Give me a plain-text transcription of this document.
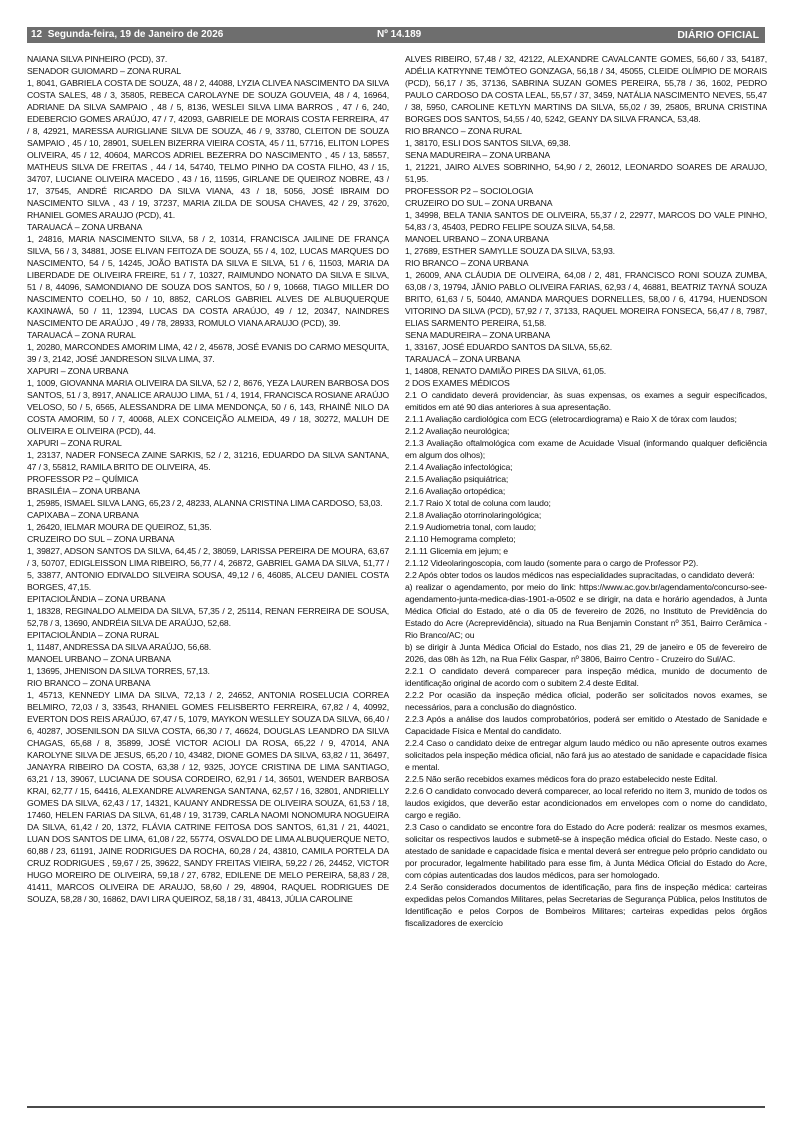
12 Segunda-feira, 19 de Janeiro de 2026	Nº 14.189	DIÁRIO OFICIAL

NAIANA SILVA PINHEIRO (PCD), 37.

SENADOR GUIOMARD – ZONA RURAL

1, 8041, GABRIELA COSTA DE SOUZA, 48 / 2, 44088, LYZIA CLIVEA NASCIMENTO DA SILVA COSTA SALES, 48 / 3, 35805, REBECA CAROLAYNE DE SOUZA GOUVEIA, 48 / 4, 16964, ADRIANE DA SILVA SAMPAIO , 48 / 5, 8136, WESLEI SILVA LIMA BARROS , 47 / 6, 240, EDEBERCIO GOMES ARAÚJO, 47 / 7, 42093, GABRIELE DE MORAIS COSTA FERREIRA, 47 / 8, 42921, MARESSA AURIGLIANE SILVA DE SOUZA, 46 / 9, 33780, CLEITON DE SOUZA SAMPAIO , 45 / 10, 28901, SUELEN BIZERRA VIEIRA COSTA, 45 / 11, 57716, ELITON LOPES OLIVEIRA, 45 / 12, 40604, MARCOS ADRIEL BEZERRA DO NASCIMENTO , 45 / 13, 58557, MATHEUS SILVA DE FREITAS , 44 / 14, 54740, TELMO PINHO DA COSTA FILHO, 43 / 15, 34707, LUCIANE OLIVEIRA MACEDO , 43 / 16, 11595, GIRLANE DE QUEIROZ NOBRE, 43 / 17, 37545, ANDRÉ RICARDO DA SILVA VIANA, 43 / 18, 5056, JOSÉ IBRAIM DO NASCIMENTO SILVA , 43 / 19, 37237, MARIA ZILDA DE SOUSA CHAVES, 42 / 29, 37620, RHANIEL GOMES ARAUJO (PCD), 41.

TARAUACÁ – ZONA URBANA

1, 24816, MARIA NASCIMENTO SILVA, 58 / 2, 10314, FRANCISCA JAILINE DE FRANÇA SILVA, 56 / 3, 34881, JOSE ELIVAN FEITOZA DE SOUZA, 55 / 4, 102, LUCAS MARQUES DO NASCIMENTO, 54 / 5, 14245, JOÃO BATISTA DA SILVA E SILVA, 51 / 6, 11503, MARIA DA LIBERDADE DE OLIVEIRA FREIRE, 51 / 7, 10327, RAIMUNDO NONATO DA SILVA E SILVA, 51 / 8, 44096, SAMONDIANO DE SOUZA DOS SANTOS, 50 / 9, 10668, TIAGO MILLER DO NASCIMENTO COELHO, 50 / 10, 8852, CARLOS GABRIEL ALVES DE ALBUQUERQUE KAXINAWÁ, 50 / 11, 12394, LUCAS DA COSTA ARAÚJO, 49 / 12, 20347, NAINDRES NASCIMENTO DE ARAÚJO , 49 / 78, 28933, ROMULO VIANA ARAUJO (PCD), 39.

TARAUACÁ – ZONA RURAL

1, 20280, MARCONDES AMORIM LIMA, 42 / 2, 45678, JOSÉ EVANIS DO CARMO MESQUITA, 39 / 3, 2142, JOSÉ JANDRESON SILVA LIMA, 37.

XAPURI – ZONA URBANA

1, 1009, GIOVANNA MARIA OLIVEIRA DA SILVA, 52 / 2, 8676, YEZA LAUREN BARBOSA DOS SANTOS, 51 / 3, 8917, ANALICE ARAUJO LIMA, 51 / 4, 1914, FRANCISCA ROSIANE ARAÚJO VELOSO, 50 / 5, 6565, ALESSANDRA DE LIMA MENDONÇA, 50 / 6, 143, RHAINÊ NILO DA COSTA AMORIM, 50 / 7, 40068, ALEX CONCEIÇÃO ALMEIDA, 49 / 18, 30272, MALUH DE OLIVEIRA E OLIVEIRA (PCD), 44.

XAPURI – ZONA RURAL

1, 23137, NADER FONSECA ZAINE SARKIS, 52 / 2, 31216, EDUARDO DA SILVA SANTANA, 47 / 3, 55812, RAMILA BRITO DE OLIVEIRA, 45.

PROFESSOR P2 – QUÍMICA

BRASILÉIA – ZONA URBANA

1, 25985, ISMAEL SILVA LANG, 65,23 / 2, 48233, ALANNA CRISTINA LIMA CARDOSO, 53,03.

CAPIXABA – ZONA URBANA

1, 26420, IELMAR MOURA DE QUEIROZ, 51,35.

CRUZEIRO DO SUL – ZONA URBANA

1, 39827, ADSON SANTOS DA SILVA, 64,45 / 2, 38059, LARISSA PEREIRA DE MOURA, 63,67 / 3, 50707, EDIGLEISSON LIMA RIBEIRO, 56,77 / 4, 26872, GABRIEL GAMA DA SILVA, 51,77 / 5, 33877, ANTONIO EDIVALDO SILVEIRA SOUSA, 49,12 / 6, 46085, ALCEU DANIEL COSTA BORGES, 47,15.

EPITACIOLÂNDIA – ZONA URBANA

1, 18328, REGINALDO ALMEIDA DA SILVA, 57,35 / 2, 25114, RENAN FERREIRA DE SOUSA, 52,78 / 3, 13690, ANDRÉIA SILVA DE ARAÚJO, 52,68.

EPITACIOLÂNDIA – ZONA RURAL

1, 11487, ANDRESSA DA SILVA ARAÚJO, 56,68.

MANOEL URBANO – ZONA URBANA

1, 13695, JHENISON DA SILVA TORRES, 57,13.

RIO BRANCO – ZONA URBANA

1, 45713, KENNEDY LIMA DA SILVA, 72,13 / 2, 24652, ANTONIA ROSELUCIA CORREA BELMIRO, 72,03 / 3, 33543, RHANIEL GOMES FELISBERTO FERREIRA, 67,82 / 4, 40992, EVERTON DOS REIS ARAÚJO, 67,47 / 5, 1079, MAYKON WESLLEY SOUZA DA SILVA, 66,40 / 6, 40287, JOSENILSON DA SILVA COSTA, 66,30 / 7, 46624, DOUGLAS LEANDRO DA SILVA CHAGAS, 65,68 / 8, 35899, JOSÉ VICTOR ACIOLI DA ROSA, 65,22 / 9, 47014, ANA KAROLYNE SILVA DE JESUS, 65,20 / 10, 43482, DIONE GOMES DA SILVA, 63,82 / 11, 36497, JANAYRA RIBEIRO DA COSTA, 63,38 / 12, 9325, JOYCE CRISTINA DE LIMA SANTIAGO, 63,21 / 13, 39067, LUCIANA DE SOUSA CORDEIRO, 62,91 / 14, 36501, WENDER BARBOSA KRAI, 62,77 / 15, 64416, ALEXANDRE ALVARENGA SANTANA, 62,57 / 16, 32801, ANDRIELLY GOMES DA SILVA, 62,43 / 17, 14321, KAUANY ANDRESSA DE OLIVEIRA SOUZA, 61,53 / 18, 17460, HELEN FARIAS DA SILVA, 61,48 / 19, 31739, CARLA NAOMI NONOMURA NOGUEIRA DA SILVA, 61,42 / 20, 1372, FLÁVIA CATRINE FEITOSA DOS SANTOS, 61,31 / 21, 44021, LUAN DOS SANTOS DE LIMA, 61,08 / 22, 55774, OSVALDO DE LIMA ALBUQUERQUE NETO, 60,88 / 23, 61191, JAINE RODRIGUES DA ROCHA, 60,28 / 24, 43810, CAMILA PORTELA DA CRUZ RODRIGUES , 59,67 / 25, 39622, SANDY FREITAS VIEIRA, 59,22 / 26, 24452, VICTOR HUGO MOREIRO DE OLIVEIRA, 59,18 / 27, 6782, EDILENE DE MELO PEREIRA, 58,83 / 28, 41411, MARCOS OLIVEIRA DE ARAUJO, 58,60 / 29, 48904, RAQUEL RODRIGUES DE SOUZA, 58,28 / 30, 16862, DAVI LIRA QUEIROZ, 58,18 / 31, 48413, JÚLIA CAROLINE

ALVES RIBEIRO, 57,48 / 32, 42122, ALEXANDRE CAVALCANTE GOMES, 56,60 / 33, 54187, ADÉLIA KATRYNNE TEMÓTEO GONZAGA, 56,18 / 34, 45055, CLEIDE OLÍMPIO DE MORAIS (PCD), 56,17 / 35, 37136, SABRINA SUZAN GOMES PEREIRA, 55,78 / 36, 1602, PEDRO PAULO CARDOSO DA COSTA LEAL, 55,57 / 37, 3459, NATÁLIA NASCIMENTO NEVES, 55,47 / 38, 5950, CAROLINE KETLYN MARTINS DA SILVA, 55,02 / 39, 25805, BRUNA CRISTINA BORGES DOS SANTOS, 54,55 / 40, 5242, GEANY DA SILVA FRANCA, 53,48.

RIO BRANCO – ZONA RURAL

1, 38170, ESLI DOS SANTOS SILVA, 69,38.

SENA MADUREIRA – ZONA URBANA

1, 21221, JAIRO ALVES SOBRINHO, 54,90 / 2, 26012, LEONARDO SOARES DE ARAUJO, 51,95.

PROFESSOR P2 – SOCIOLOGIA

CRUZEIRO DO SUL – ZONA URBANA

1, 34998, BELA TANIA SANTOS DE OLIVEIRA, 55,37 / 2, 22977, MARCOS DO VALE PINHO, 54,83 / 3, 45403, PEDRO FELIPE SOUZA SILVA, 54,58.

MANOEL URBANO – ZONA URBANA

1, 27689, ESTHER SAMYLLE SOUZA DA SILVA, 53,93.

RIO BRANCO – ZONA URBANA

1, 26009, ANA CLÁUDIA DE OLIVEIRA, 64,08 / 2, 481, FRANCISCO RONI SOUZA ZUMBA, 63,08 / 3, 19794, JÂNIO PABLO OLIVEIRA FARIAS, 62,93 / 4, 46881, BEATRIZ TAYNÁ SOUZA BRITO, 61,63 / 5, 50440, AMANDA MARQUES DORNELLES, 58,00 / 6, 41794, HUENDSON VITORINO DA SILVA (PCD), 57,92 / 7, 37133, RAQUEL MOREIRA FONSECA, 56,47 / 8, 7987, ELIAS SARMENTO PEREIRA, 51,58.

SENA MADUREIRA – ZONA URBANA

1, 33167, JOSÉ EDUARDO SANTOS DA SILVA, 55,62.

TARAUACÁ – ZONA URBANA

1, 14808, RENATO DAMIÃO PIRES DA SILVA, 61,05.

2 DOS EXAMES MÉDICOS

2.1 O candidato deverá providenciar, às suas expensas, os exames a seguir especificados, emitidos em até 90 dias anteriores à sua apresentação.

2.1.1 Avaliação cardiológica com ECG (eletrocardiograma) e Raio X de tórax com laudos;

2.1.2 Avaliação neurológica;

2.1.3 Avaliação oftalmológica com exame de Acuidade Visual (informando qualquer deficiência em algum dos olhos);

2.1.4 Avaliação infectológica;

2.1.5 Avaliação psiquiátrica;

2.1.6 Avaliação ortopédica;

2.1.7 Raio X total de coluna com laudo;

2.1.8 Avaliação otorrinolaringológica;

2.1.9 Audiometria tonal, com laudo;

2.1.10 Hemograma completo;

2.1.11 Glicemia em jejum; e

2.1.12 Videolaringoscopia, com laudo (somente para o cargo de Professor P2).

2.2 Após obter todos os laudos médicos nas especialidades supracitadas, o candidato deverá:

a) realizar o agendamento, por meio do link: https://www.ac.gov.br/agendamento/concurso-see-agendamento-junta-medica-dias-1901-a-0502 e se dirigir, na data e horário agendados, à Junta Médica Oficial do Estado, até o dia 05 de fevereiro de 2026, no Instituto de Previdência do Estado do Acre (Acreprevidência), situado na Rua Benjamin Constant nº 351, Bairro Cerâmica - Rio Branco/AC; ou

b) se dirigir à Junta Médica Oficial do Estado, nos dias 21, 29 de janeiro e 05 de fevereiro de 2026, das 08h às 12h, na Rua Félix Gaspar, nº 3806, Bairro Centro - Cruzeiro do Sul/AC.

2.2.1 O candidato deverá comparecer para inspeção médica, munido de documento de identificação original de acordo com o subitem 2.4 deste Edital.

2.2.2 Por ocasião da inspeção médica oficial, poderão ser solicitados novos exames, se necessários, para a conclusão do diagnóstico.

2.2.3 Após a análise dos laudos comprobatórios, poderá ser emitido o Atestado de Sanidade e Capacidade Física e Mental do candidato.

2.2.4 Caso o candidato deixe de entregar algum laudo médico ou não apresente outros exames solicitados pela inspeção médica oficial, não fará jus ao atestado de sanidade e capacidade física e mental.

2.2.5 Não serão recebidos exames médicos fora do prazo estabelecido neste Edital.

2.2.6 O candidato convocado deverá comparecer, ao local referido no item 3, munido de todos os laudos exigidos, que deverão estar acondicionados em envelopes com o nome do candidato, cargo e região.

2.3 Caso o candidato se encontre fora do Estado do Acre poderá: realizar os mesmos exames, solicitar os respectivos laudos e submetê-se à inspeção médica oficial do Estado. Neste caso, o atestado de sanidade e capacidade física e mental deverá ser entregue pelo próprio candidato ou por procurador, legalmente habilitado para esse fim, à Junta Médica Oficial do Estado do Acre, com cópias autenticadas dos laudos médicos, para ser homologado.

2.4 Serão considerados documentos de identificação, para fins de inspeção médica: carteiras expedidas pelos Comandos Militares, pelas Secretarias de Segurança Pública, pelos Institutos de Identificação e pelos Corpos de Bombeiros Militares; carteiras expedidas pelos órgãos fiscalizadores de exercício
